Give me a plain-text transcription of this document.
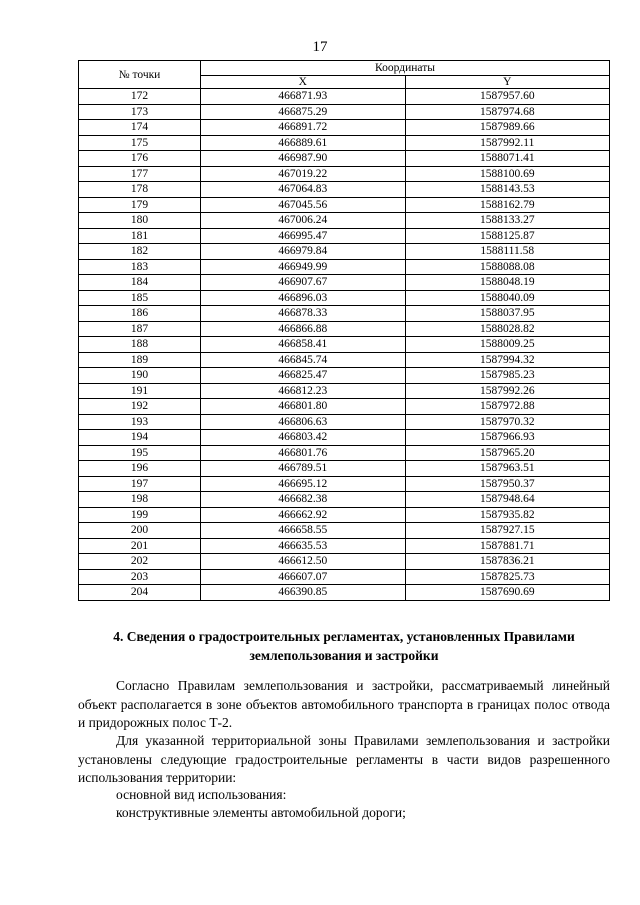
17
№ точки	Координаты	
	X	Y
172	466871.93	1587957.60
173	466875.29	1587974.68
174	466891.72	1587989.66
175	466889.61	1587992.11
176	466987.90	1588071.41
177	467019.22	1588100.69
178	467064.83	1588143.53
179	467045.56	1588162.79
180	467006.24	1588133.27
181	466995.47	1588125.87
182	466979.84	1588111.58
183	466949.99	1588088.08
184	466907.67	1588048.19
185	466896.03	1588040.09
186	466878.33	1588037.95
187	466866.88	1588028.82
188	466858.41	1588009.25
189	466845.74	1587994.32
190	466825.47	1587985.23
191	466812.23	1587992.26
192	466801.80	1587972.88
193	466806.63	1587970.32
194	466803.42	1587966.93
195	466801.76	1587965.20
196	466789.51	1587963.51
197	466695.12	1587950.37
198	466682.38	1587948.64
199	466662.92	1587935.82
200	466658.55	1587927.15
201	466635.53	1587881.71
202	466612.50	1587836.21
203	466607.07	1587825.73
204	466390.85	1587690.69
4. Сведения о градостроительных регламентах, установленных Правилами
землепользования и застройки

Согласно Правилам землепользования и застройки, рассматриваемый линейный объект располагается в зоне объектов автомобильного транспорта в границах полос отвода и придорожных полос Т-2.

Для указанной территориальной зоны Правилами землепользования и застройки установлены следующие градостроительные регламенты в части видов разрешенного использования территории:

основной вид использования:

конструктивные элементы автомобильной дороги;
